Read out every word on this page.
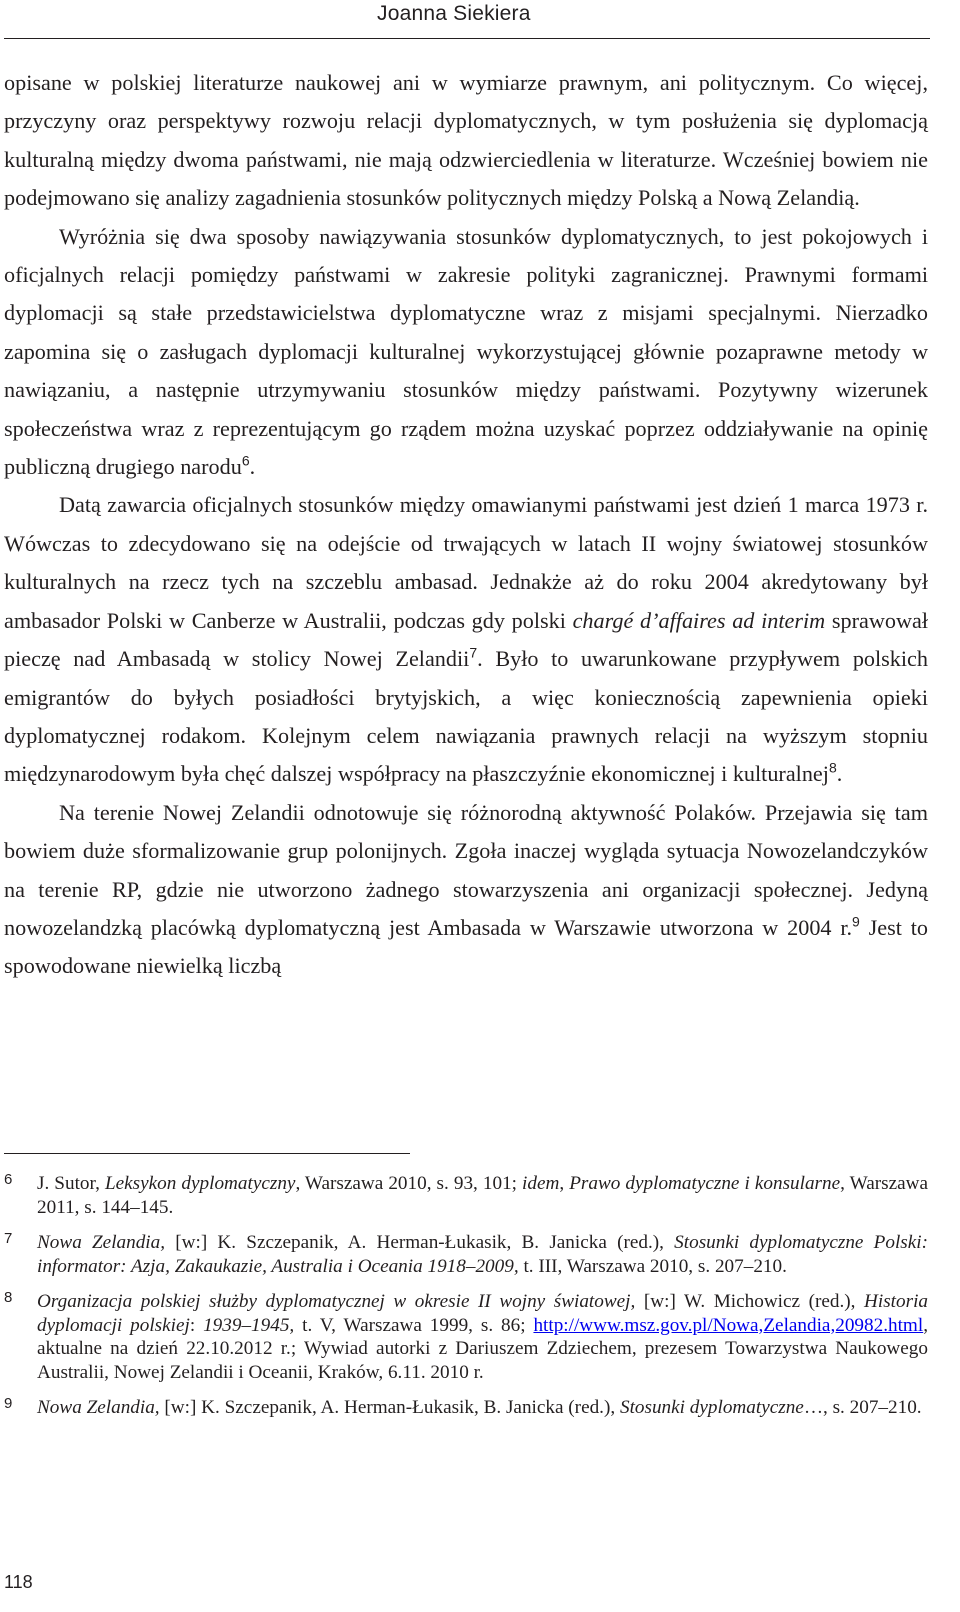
Joanna Siekiera

opisane w polskiej literaturze naukowej ani w wymiarze prawnym, ani politycznym. Co więcej, przyczyny oraz perspektywy rozwoju relacji dyplomatycznych, w tym posłużenia się dyplomacją kulturalną między dwoma państwami, nie mają odzwierciedlenia w literaturze. Wcześniej bowiem nie podejmowano się analizy zagadnienia stosunków politycznych między Polską a Nową Zelandią.

Wyróżnia się dwa sposoby nawiązywania stosunków dyplomatycznych, to jest pokojowych i oficjalnych relacji pomiędzy państwami w zakresie polityki zagranicznej. Prawnymi formami dyplomacji są stałe przedstawicielstwa dyplomatyczne wraz z misjami specjalnymi. Nierzadko zapomina się o zasługach dyplomacji kulturalnej wykorzystującej głównie pozaprawne metody w nawiązaniu, a następnie utrzymywaniu stosunków między państwami. Pozytywny wizerunek społeczeństwa wraz z reprezentującym go rządem można uzyskać poprzez oddziaływanie na opinię publiczną drugiego narodu$^6$.

Datą zawarcia oficjalnych stosunków między omawianymi państwami jest dzień 1 marca 1973 r. Wówczas to zdecydowano się na odejście od trwających w latach II wojny światowej stosunków kulturalnych na rzecz tych na szczeblu ambasad. Jednakże aż do roku 2004 akredytowany był ambasador Polski w Canberze w Australii, podczas gdy polski chargé d’affaires ad interim sprawował pieczę nad Ambasadą w stolicy Nowej Zelandii$^7$. Było to uwarunkowane przypływem polskich emigrantów do byłych posiadłości brytyjskich, a więc koniecznością zapewnienia opieki dyplomatycznej rodakom. Kolejnym celem nawiązania prawnych relacji na wyższym stopniu międzynarodowym była chęć dalszej współpracy na płaszczyźnie ekonomicznej i kulturalnej$^8$.

Na terenie Nowej Zelandii odnotowuje się różnorodną aktywność Polaków. Przejawia się tam bowiem duże sformalizowanie grup polonijnych. Zgoła inaczej wygląda sytuacja Nowozelandczyków na terenie RP, gdzie nie utworzono żadnego stowarzyszenia ani organizacji społecznej. Jedyną nowozelandzką placówką dyplomatyczną jest Ambasada w Warszawie utworzona w 2004 r.$^9$ Jest to spowodowane niewielką liczbą

6 J. Sutor, Leksykon dyplomatyczny, Warszawa 2010, s. 93, 101; idem, Prawo dyplomatyczne i konsularne, Warszawa 2011, s. 144–145.
7 Nowa Zelandia, [w:] K. Szczepanik, A. Herman-Łukasik, B. Janicka (red.), Stosunki dyplomatyczne Polski: informator: Azja, Zakaukazie, Australia i Oceania 1918–2009, t. III, Warszawa 2010, s. 207–210.
8 Organizacja polskiej służby dyplomatycznej w okresie II wojny światowej, [w:] W. Michowicz (red.), Historia dyplomacji polskiej: 1939–1945, t. V, Warszawa 1999, s. 86; http://www.msz.gov.pl/Nowa,Zelandia,20982.html, aktualne na dzień 22.10.2012 r.; Wywiad autorki z Dariuszem Zdziechem, prezesem Towarzystwa Naukowego Australii, Nowej Zelandii i Oceanii, Kraków, 6.11. 2010 r.
9 Nowa Zelandia, [w:] K. Szczepanik, A. Herman-Łukasik, B. Janicka (red.), Stosunki dyplomatyczne…, s. 207–210.
118
